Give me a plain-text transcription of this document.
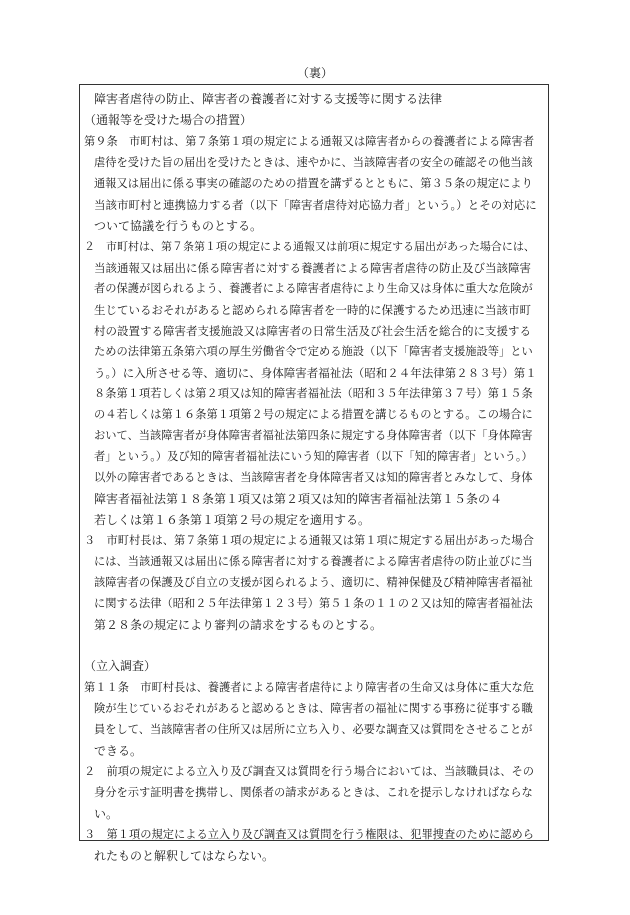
（裏）
障害者虐待の防止、障害者の養護者に対する支援等に関する法律
（通報等を受けた場合の措置）
第９条　市町村は、第７条第１項の規定による通報又は障害者からの養護者による障害者
虐待を受けた旨の届出を受けたときは、速やかに、当該障害者の安全の確認その他当該
通報又は届出に係る事実の確認のための措置を講ずるとともに、第３５条の規定により
当該市町村と連携協力する者（以下「障害者虐待対応協力者」という。）とその対応に
ついて協議を行うものとする。
２　市町村は、第７条第１項の規定による通報又は前項に規定する届出があった場合には、
当該通報又は届出に係る障害者に対する養護者による障害者虐待の防止及び当該障害
者の保護が図られるよう、養護者による障害者虐待により生命又は身体に重大な危険が
生じているおそれがあると認められる障害者を一時的に保護するため迅速に当該市町
村の設置する障害者支援施設又は障害者の日常生活及び社会生活を総合的に支援する
ための法律第五条第六項の厚生労働省令で定める施設（以下「障害者支援施設等」とい
う。）に入所させる等、適切に、身体障害者福祉法（昭和２４年法律第２８３号）第１
８条第１項若しくは第２項又は知的障害者福祉法（昭和３５年法律第３７号）第１５条
の４若しくは第１６条第１項第２号の規定による措置を講じるものとする。この場合に
おいて、当該障害者が身体障害者福祉法第四条に規定する身体障害者（以下「身体障害
者」という。）及び知的障害者福祉法にいう知的障害者（以下「知的障害者」という。）
以外の障害者であるときは、当該障害者を身体障害者又は知的障害者とみなして、身体
障害者福祉法第１８条第１項又は第２項又は知的障害者福祉法第１５条の４
若しくは第１６条第１項第２号の規定を適用する。
３　市町村長は、第７条第１項の規定による通報又は第１項に規定する届出があった場合
には、当該通報又は届出に係る障害者に対する養護者による障害者虐待の防止並びに当
該障害者の保護及び自立の支援が図られるよう、適切に、精神保健及び精神障害者福祉
に関する法律（昭和２５年法律第１２３号）第５１条の１１の２又は知的障害者福祉法
第２８条の規定により審判の請求をするものとする。
（立入調査）
第１１条　市町村長は、養護者による障害者虐待により障害者の生命又は身体に重大な危
険が生じているおそれがあると認めるときは、障害者の福祉に関する事務に従事する職
員をして、当該障害者の住所又は居所に立ち入り、必要な調査又は質問をさせることが
できる。
２　前項の規定による立入り及び調査又は質問を行う場合においては、当該職員は、その
身分を示す証明書を携帯し、関係者の請求があるときは、これを提示しなければならな
い。
３　第１項の規定による立入り及び調査又は質問を行う権限は、犯罪捜査のために認めら
れたものと解釈してはならない。
